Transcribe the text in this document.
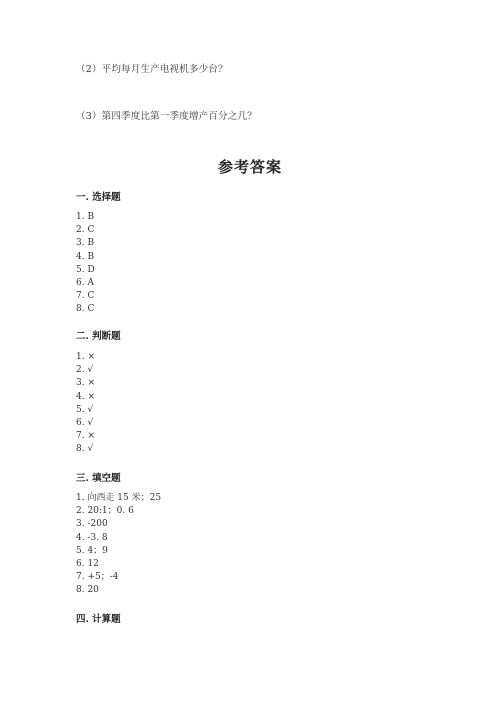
（2）平均每月生产电视机多少台？
（3）第四季度比第一季度增产百分之几？
参考答案
一. 选择题
1. B
2. C
3. B
4. B
5. D
6. A
7. C
8. C
二. 判断题
1. ×
2. √
3. ×
4. ×
5. √
6. √
7. ×
8. √
三. 填空题
1. 向西走 15 米；25
2. 20:1；0. 6
3. -200
4. -3. 8
5. 4；9
6. 12
7. +5；-4
8. 20
四. 计算题
